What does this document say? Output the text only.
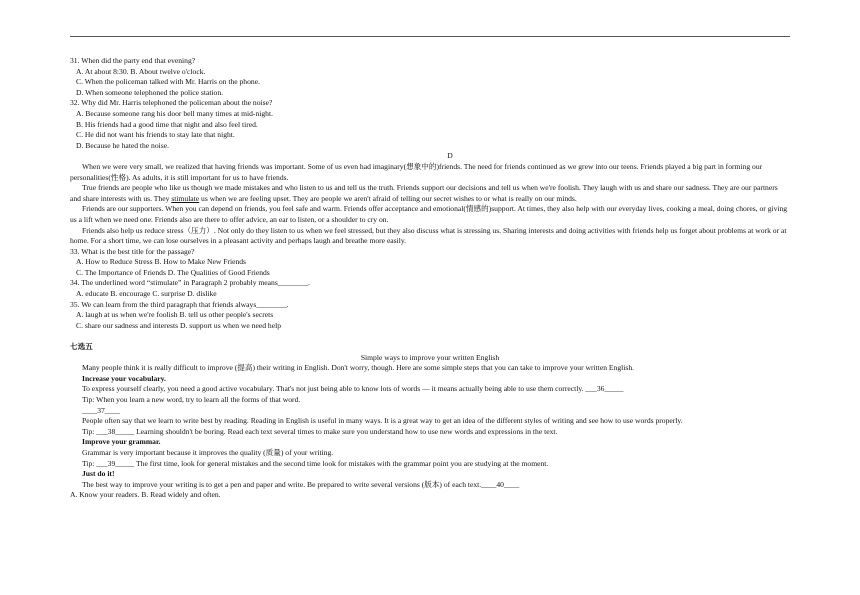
31. When did the party end that evening?

A. At about 8:30. B. About twelve o'clock.

C. When the policeman talked with Mr. Harris on the phone.

D. When someone telephoned the police station.

32. Why did Mr. Harris telephoned the policeman about the noise?

A. Because someone rang his door bell many times at mid-night.

B. His friends had a good time that night and also feel tired.

C. He did not want his friends to stay late that night.

D. Because he hated the noise.

D

When we were very small, we realized that having friends was important. Some of us even had imaginary(想象中的)friends. The need for friends continued as we grew into our teens. Friends played a big part in forming our personalities(性格). As adults, it is still important for us to have friends.

True friends are people who like us though we made mistakes and who listen to us and tell us the truth. Friends support our decisions and tell us when we're foolish. They laugh with us and share our sadness. They are our partners and share interests with us. They stimulate us when we are feeling upset. They are people we aren't afraid of telling our secret wishes to or what is really on our minds.

Friends are our supporters. When you can depend on friends, you feel safe and warm. Friends offer acceptance and emotional(情感的)support. At times, they also help with our everyday lives, cooking a meal, doing chores, or giving us a lift when we need one. Friends also are there to offer advice, an ear to listen, or a shoulder to cry on.

Friends also help us reduce stress（压力）. Not only do they listen to us when we feel stressed, but they also discuss what is stressing us. Sharing interests and doing activities with friends help us forget about problems at work or at home. For a short time, we can lose ourselves in a pleasant activity and perhaps laugh and breathe more easily.

33. What is the best title for the passage?

A. How to Reduce Stress B. How to Make New Friends

C. The Importance of Friends D. The Qualities of Good Friends

34. The underlined word “stimulate” in Paragraph 2 probably means________.

A. educate B. encourage C. surprise D. dislike

35. We can learn from the third paragraph that friends always________.

A. laugh at us when we're foolish B. tell us other people's secrets

C. share our sadness and interests D. support us when we need help

七选五

Simple ways to improve your written English

Many people think it is really difficult to improve (提高) their writing in English. Don't worry, though. Here are some simple steps that you can take to improve your written English.

Increase your vocabulary.

To express yourself clearly, you need a good active vocabulary. That's not just being able to know lots of words — it means actually being able to use them correctly. ___36_____

Tip: When you learn a new word, try to learn all the forms of that word.

____37____

People often say that we learn to write best by reading. Reading in English is useful in many ways. It is a great way to get an idea of the different styles of writing and see how to use words properly.

Tip: ___38_____ Learning shouldn't be boring. Read each text several times to make sure you understand how to use new words and expressions in the text.

Improve your grammar.

Grammar is very important because it improves the quality (质量) of your writing.

Tip: ___39_____ The first time, look for general mistakes and the second time look for mistakes with the grammar point you are studying at the moment.

Just do it!

The best way to improve your writing is to get a pen and paper and write. Be prepared to write several versions (版本) of each text.____40____

A. Know your readers. B. Read widely and often.
